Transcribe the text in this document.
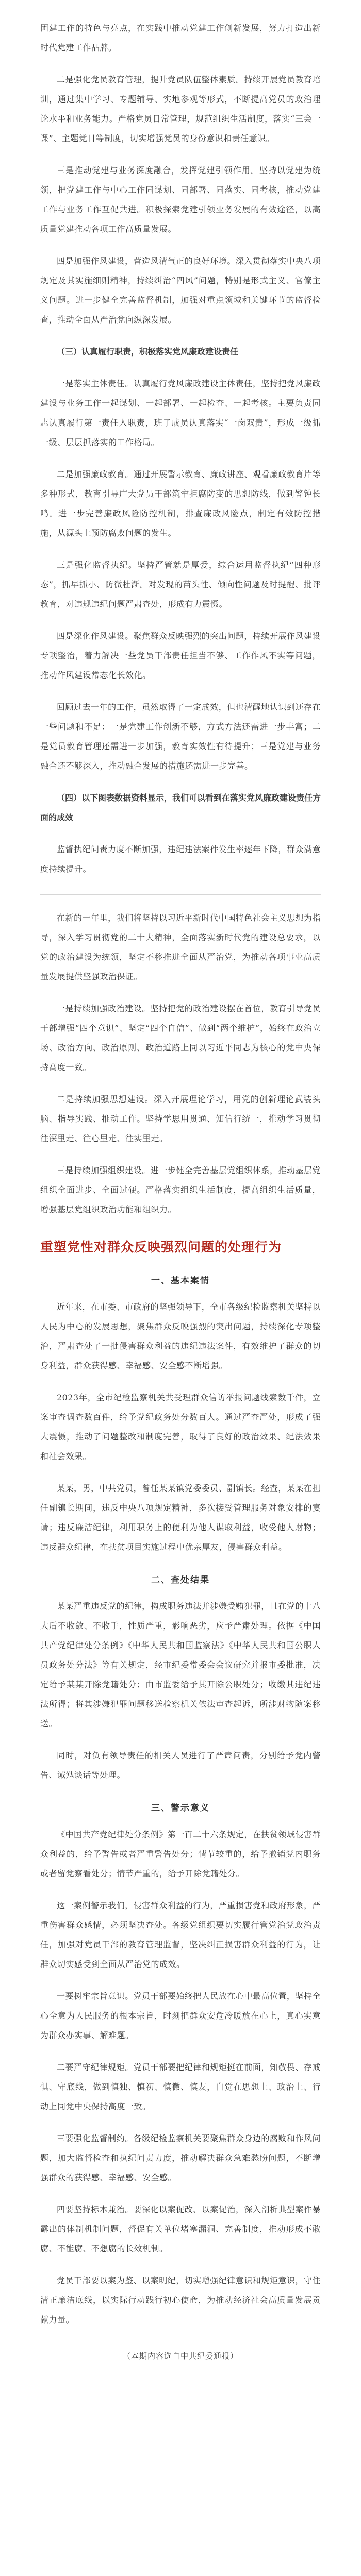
团建工作的特色与亮点，在实践中推动党建工作创新发展，努力打造出新时代党建工作品牌。

二是强化党员教育管理，提升党员队伍整体素质。持续开展党员教育培训，通过集中学习、专题辅导、实地参观等形式，不断提高党员的政治理论水平和业务能力。严格党员日常管理，规范组织生活制度，落实“三会一课”、主题党日等制度，切实增强党员的身份意识和责任意识。

三是推动党建与业务深度融合，发挥党建引领作用。坚持以党建为统领，把党建工作与中心工作同谋划、同部署、同落实、同考核，推动党建工作与业务工作互促共进。积极探索党建引领业务发展的有效途径，以高质量党建推动各项工作高质量发展。

四是加强作风建设，营造风清气正的良好环境。深入贯彻落实中央八项规定及其实施细则精神，持续纠治“四风”问题，特别是形式主义、官僚主义问题。进一步健全完善监督机制，加强对重点领域和关键环节的监督检查，推动全面从严治党向纵深发展。

（三）认真履行职责，积极落实党风廉政建设责任

一是落实主体责任。认真履行党风廉政建设主体责任，坚持把党风廉政建设与业务工作一起谋划、一起部署、一起检查、一起考核。主要负责同志认真履行第一责任人职责，班子成员认真落实“一岗双责”，形成一级抓一级、层层抓落实的工作格局。

二是加强廉政教育。通过开展警示教育、廉政讲座、观看廉政教育片等多种形式，教育引导广大党员干部筑牢拒腐防变的思想防线，做到警钟长鸣。进一步完善廉政风险防控机制，排查廉政风险点，制定有效防控措施，从源头上预防腐败问题的发生。

三是强化监督执纪。坚持严管就是厚爱，综合运用监督执纪“四种形态”，抓早抓小、防微杜渐。对发现的苗头性、倾向性问题及时提醒、批评教育，对违规违纪问题严肃查处，形成有力震慑。

四是深化作风建设。聚焦群众反映强烈的突出问题，持续开展作风建设专项整治，着力解决一些党员干部责任担当不够、工作作风不实等问题，推动作风建设常态化长效化。

回顾过去一年的工作，虽然取得了一定成效，但也清醒地认识到还存在一些问题和不足：一是党建工作创新不够，方式方法还需进一步丰富；二是党员教育管理还需进一步加强，教育实效性有待提升；三是党建与业务融合还不够深入，推动融合发展的措施还需进一步完善。

（四）以下图表数据资料显示，我们可以看到在落实党风廉政建设责任方面的成效

监督执纪问责力度不断加强，违纪违法案件发生率逐年下降，群众满意度持续提升。

在新的一年里，我们将坚持以习近平新时代中国特色社会主义思想为指导，深入学习贯彻党的二十大精神，全面落实新时代党的建设总要求，以党的政治建设为统领，坚定不移推进全面从严治党，为推动各项事业高质量发展提供坚强政治保证。

一是持续加强政治建设。坚持把党的政治建设摆在首位，教育引导党员干部增强“四个意识”、坚定“四个自信”、做到“两个维护”，始终在政治立场、政治方向、政治原则、政治道路上同以习近平同志为核心的党中央保持高度一致。

二是持续加强思想建设。深入开展理论学习，用党的创新理论武装头脑、指导实践、推动工作。坚持学思用贯通、知信行统一，推动学习贯彻往深里走、往心里走、往实里走。

三是持续加强组织建设。进一步健全完善基层党组织体系，推动基层党组织全面进步、全面过硬。严格落实组织生活制度，提高组织生活质量，增强基层党组织政治功能和组织力。

重塑党性对群众反映强烈问题的处理行为
一、基本案情

近年来，在市委、市政府的坚强领导下，全市各级纪检监察机关坚持以人民为中心的发展思想，聚焦群众反映强烈的突出问题，持续深化专项整治，严肃查处了一批侵害群众利益的违纪违法案件，有效维护了群众的切身利益，群众获得感、幸福感、安全感不断增强。

2023年，全市纪检监察机关共受理群众信访举报问题线索数千件，立案审查调查数百件，给予党纪政务处分数百人。通过严查严处，形成了强大震慑，推动了问题整改和制度完善，取得了良好的政治效果、纪法效果和社会效果。

某某，男，中共党员，曾任某某镇党委委员、副镇长。经查，某某在担任副镇长期间，违反中央八项规定精神，多次接受管理服务对象安排的宴请；违反廉洁纪律，利用职务上的便利为他人谋取利益，收受他人财物；违反群众纪律，在扶贫项目实施过程中优亲厚友，侵害群众利益。

二、查处结果

某某严重违反党的纪律，构成职务违法并涉嫌受贿犯罪，且在党的十八大后不收敛、不收手，性质严重，影响恶劣，应予严肃处理。依据《中国共产党纪律处分条例》《中华人民共和国监察法》《中华人民共和国公职人员政务处分法》等有关规定，经市纪委常委会会议研究并报市委批准，决定给予某某开除党籍处分；由市监委给予其开除公职处分；收缴其违纪违法所得；将其涉嫌犯罪问题移送检察机关依法审查起诉，所涉财物随案移送。

同时，对负有领导责任的相关人员进行了严肃问责，分别给予党内警告、诫勉谈话等处理。

三、警示意义

《中国共产党纪律处分条例》第一百二十六条规定，在扶贫领域侵害群众利益的，给予警告或者严重警告处分；情节较重的，给予撤销党内职务或者留党察看处分；情节严重的，给予开除党籍处分。

这一案例警示我们，侵害群众利益的行为，严重损害党和政府形象，严重伤害群众感情，必须坚决查处。各级党组织要切实履行管党治党政治责任，加强对党员干部的教育管理监督，坚决纠正损害群众利益的行为，让群众切实感受到全面从严治党的成效。

一要树牢宗旨意识。党员干部要始终把人民放在心中最高位置，坚持全心全意为人民服务的根本宗旨，时刻把群众安危冷暖放在心上，真心实意为群众办实事、解难题。

二要严守纪律规矩。党员干部要把纪律和规矩挺在前面，知敬畏、存戒惧、守底线，做到慎独、慎初、慎微、慎友，自觉在思想上、政治上、行动上同党中央保持高度一致。

三要强化监督制约。各级纪检监察机关要聚焦群众身边的腐败和作风问题，加大监督检查和执纪问责力度，推动解决群众急难愁盼问题，不断增强群众的获得感、幸福感、安全感。

四要坚持标本兼治。要深化以案促改、以案促治，深入剖析典型案件暴露出的体制机制问题，督促有关单位堵塞漏洞、完善制度，推动形成不敢腐、不能腐、不想腐的长效机制。

党员干部要以案为鉴、以案明纪，切实增强纪律意识和规矩意识，守住清正廉洁底线，以实际行动践行初心使命，为推动经济社会高质量发展贡献力量。

（本期内容选自中共纪委通报）
